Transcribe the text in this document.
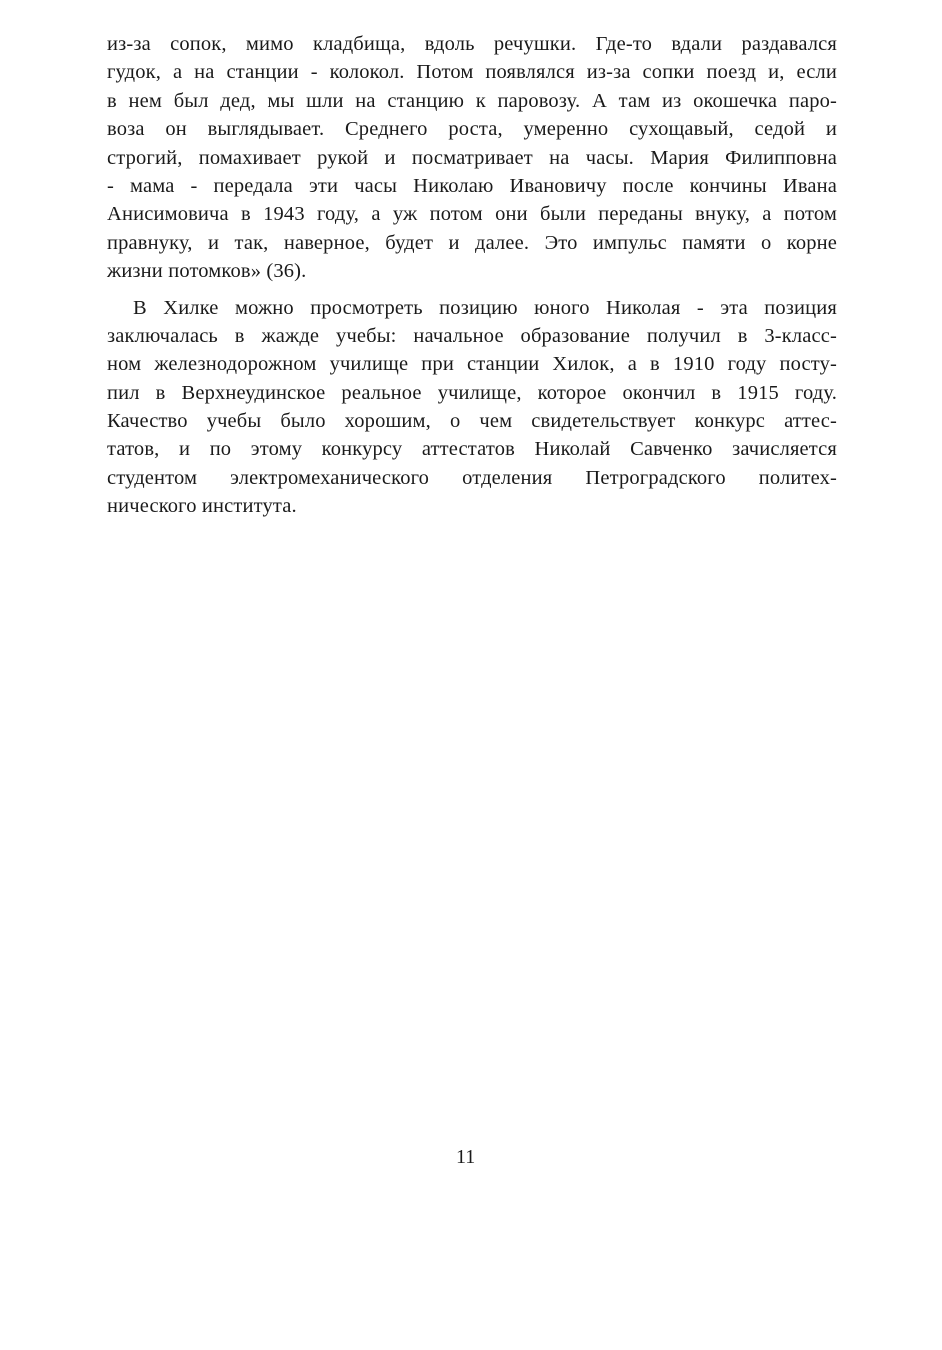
из-за сопок, мимо кладбища, вдоль речушки. Где-то вдали раздавался
гудок, а на станции - колокол. Потом появлялся из-за сопки поезд и, если
в нем был дед, мы шли на станцию к паровозу. А там из окошечка паро-
воза он выглядывает. Среднего роста, умеренно сухощавый, седой и
строгий, помахивает рукой и посматривает на часы. Мария Филипповна
- мама - передала эти часы Николаю Ивановичу после кончины Ивана
Анисимовича в 1943 году, а уж потом они были переданы внуку, а потом
правнуку, и так, наверное, будет и далее. Это импульс памяти о корне
жизни потомков» (36).
В Хилке можно просмотреть позицию юного Николая - эта позиция
заключалась в жажде учебы: начальное образование получил в 3-класс-
ном железнодорожном училище при станции Хилок, а в 1910 году посту-
пил в Верхнеудинское реальное училище, которое окончил в 1915 году.
Качество учебы было хорошим, о чем свидетельствует конкурс аттес-
татов, и по этому конкурсу аттестатов Николай Савченко зачисляется
студентом электромеханического отделения Петроградского политех-
нического института.
11
